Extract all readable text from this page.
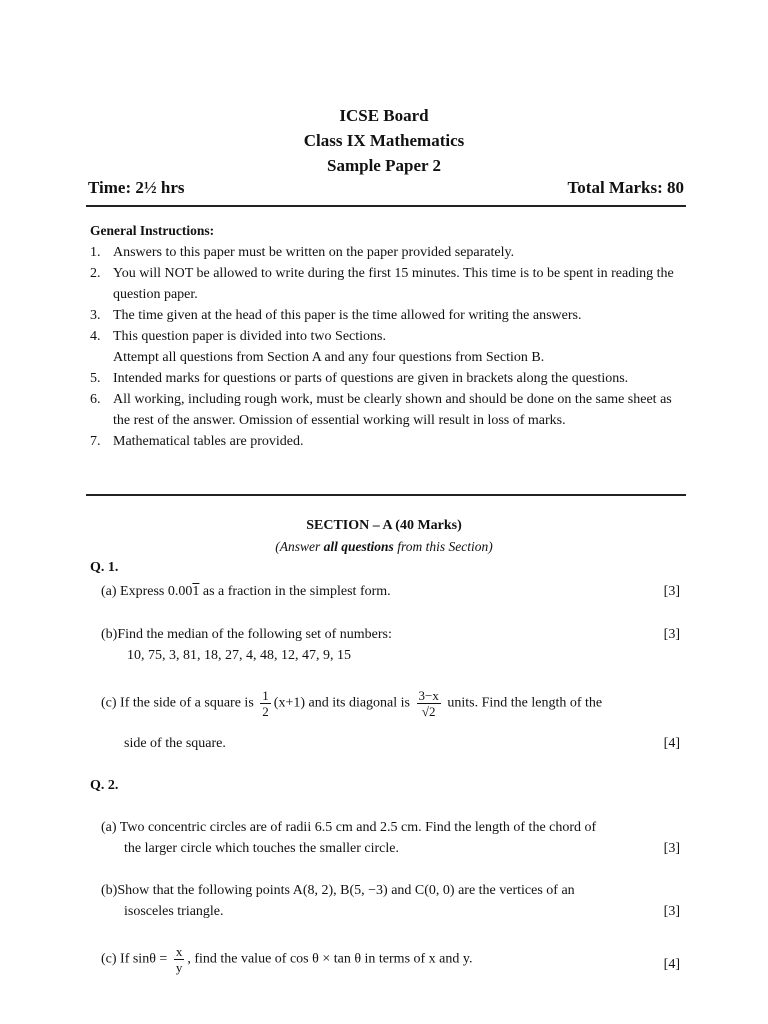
ICSE Board
Class IX Mathematics
Sample Paper 2
Time: 2½ hrs	Total Marks: 80
General Instructions:
1. Answers to this paper must be written on the paper provided separately.
2. You will NOT be allowed to write during the first 15 minutes. This time is to be spent in reading the question paper.
3. The time given at the head of this paper is the time allowed for writing the answers.
4. This question paper is divided into two Sections.
Attempt all questions from Section A and any four questions from Section B.
5. Intended marks for questions or parts of questions are given in brackets along the questions.
6. All working, including rough work, must be clearly shown and should be done on the same sheet as the rest of the answer. Omission of essential working will result in loss of marks.
7. Mathematical tables are provided.
SECTION – A (40 Marks)
(Answer all questions from this Section)
Q. 1.
(a) Express 0.001 as a fraction in the simplest form.	[3]
(b)Find the median of the following set of numbers:	[3]
10, 75, 3, 81, 18, 27, 4, 48, 12, 47, 9, 15
(c) If the side of a square is $\frac{1}{2} (x+1)$ and its diagonal is $\frac{3-x}{√2}$ units. Find the length of the
side of the square.	[4]
Q. 2.
(a) Two concentric circles are of radii 6.5 cm and 2.5 cm. Find the length of the chord of
the larger circle which touches the smaller circle.	[3]
(b)Show that the following points A(8, 2), B(5, −3) and C(0, 0) are the vertices of an
isosceles triangle.	[3]
(c) If $\sin\theta = \frac{x}{y}$ , find the value of cos θ × tan θ in terms of x and y.	[4]
